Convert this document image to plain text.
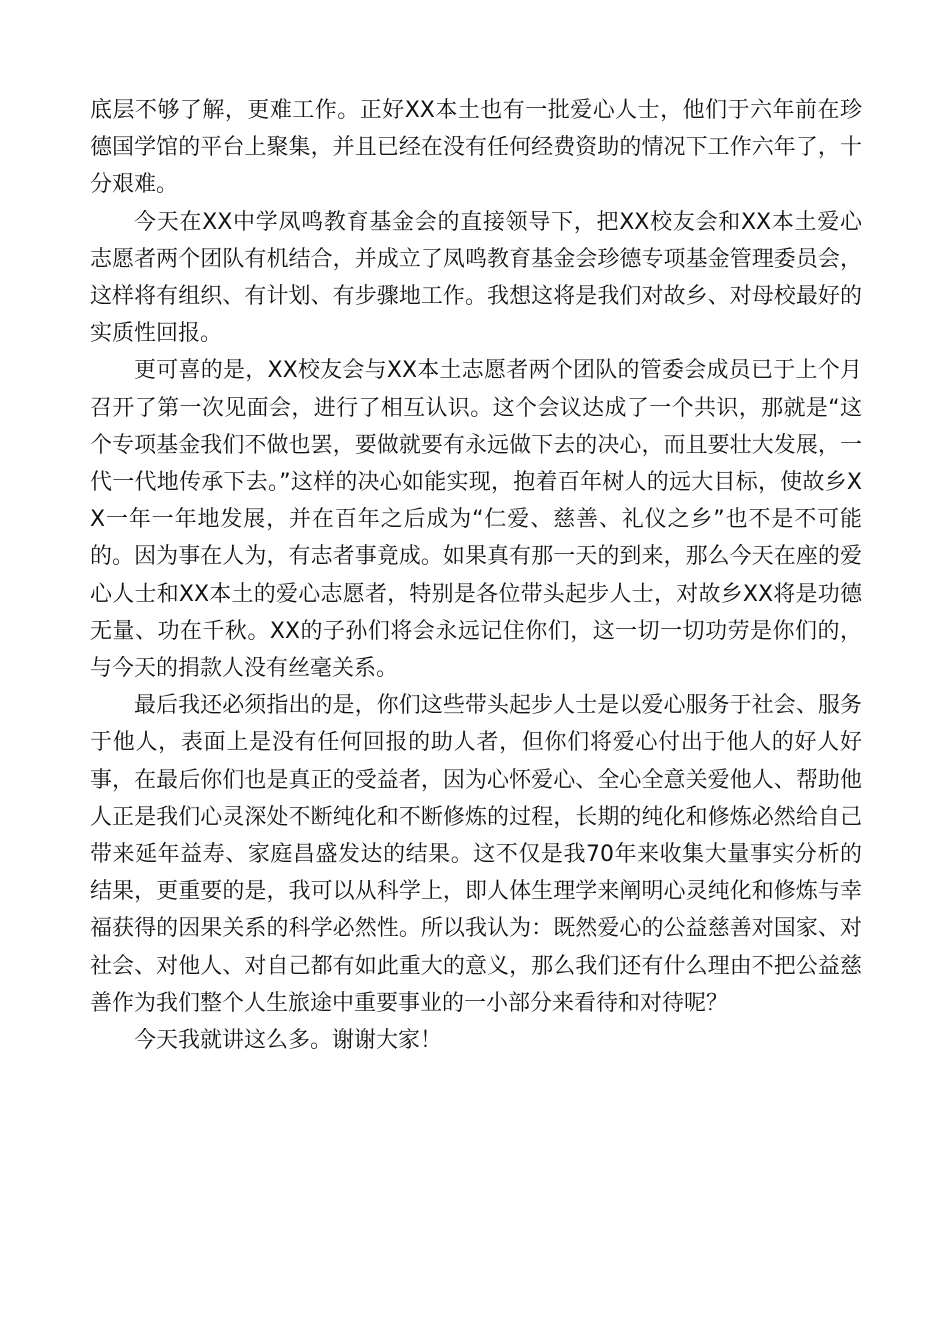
底层不够了解，更难工作。正好XX本土也有一批爱心人士，他们于六年前在珍德国学馆的平台上聚集，并且已经在没有任何经费资助的情况下工作六年了，十分艰难。

今天在XX中学凤鸣教育基金会的直接领导下，把XX校友会和XX本土爱心志愿者两个团队有机结合，并成立了凤鸣教育基金会珍德专项基金管理委员会，这样将有组织、有计划、有步骤地工作。我想这将是我们对故乡、对母校最好的实质性回报。

更可喜的是，XX校友会与XX本土志愿者两个团队的管委会成员已于上个月召开了第一次见面会，进行了相互认识。这个会议达成了一个共识，那就是“这个专项基金我们不做也罢，要做就要有永远做下去的决心，而且要壮大发展，一代一代地传承下去。”这样的决心如能实现，抱着百年树人的远大目标，使故乡XX一年一年地发展，并在百年之后成为“仁爱、慈善、礼仪之乡”也不是不可能的。因为事在人为，有志者事竟成。如果真有那一天的到来，那么今天在座的爱心人士和XX本土的爱心志愿者，特别是各位带头起步人士，对故乡XX将是功德无量、功在千秋。XX的子孙们将会永远记住你们，这一切一切功劳是你们的，与今天的捐款人没有丝毫关系。

最后我还必须指出的是，你们这些带头起步人士是以爱心服务于社会、服务于他人，表面上是没有任何回报的助人者，但你们将爱心付出于他人的好人好事，在最后你们也是真正的受益者，因为心怀爱心、全心全意关爱他人、帮助他人正是我们心灵深处不断纯化和不断修炼的过程，长期的纯化和修炼必然给自己带来延年益寿、家庭昌盛发达的结果。这不仅是我70年来收集大量事实分析的结果，更重要的是，我可以从科学上，即人体生理学来阐明心灵纯化和修炼与幸福获得的因果关系的科学必然性。所以我认为：既然爱心的公益慈善对国家、对社会、对他人、对自己都有如此重大的意义，那么我们还有什么理由不把公益慈善作为我们整个人生旅途中重要事业的一小部分来看待和对待呢？

今天我就讲这么多。谢谢大家！
